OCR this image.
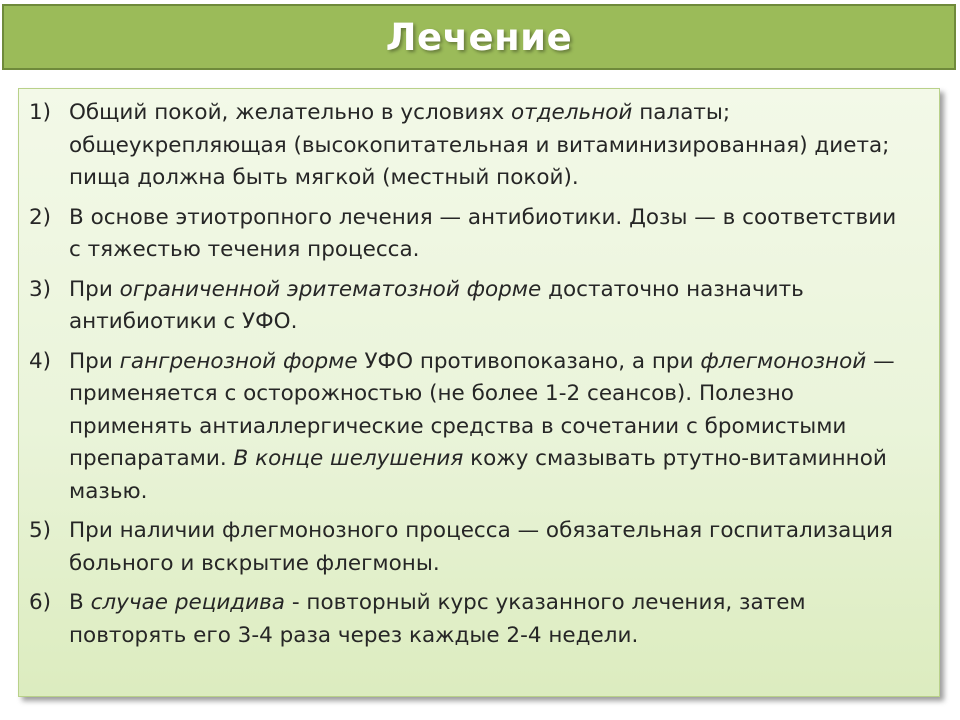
Лечение
1) Общий покой, желательно в условиях отдельной палаты; общеукрепляющая (высокопитательная и витаминизированная) диета; пища должна быть мягкой (местный покой).
2) В основе этиотропного лечения — антибиотики. Дозы — в соответствии с тяжестью течения процесса.
3) При ограниченной эритематозной форме достаточно назначить антибиотики с УФО.
4) При гангренозной форме УФО противопоказано, а при флегмонозной — применяется с осторожностью (не более 1-2 сеансов). Полезно применять антиаллергические средства в сочетании с бромистыми препаратами. В конце шелушения кожу смазывать ртутно-витаминной мазью.
5) При наличии флегмонозного процесса — обязательная госпитализация больного и вскрытие флегмоны.
6) В случае рецидива - повторный курс указанного лечения, затем повторять его 3-4 раза через каждые 2-4 недели.
